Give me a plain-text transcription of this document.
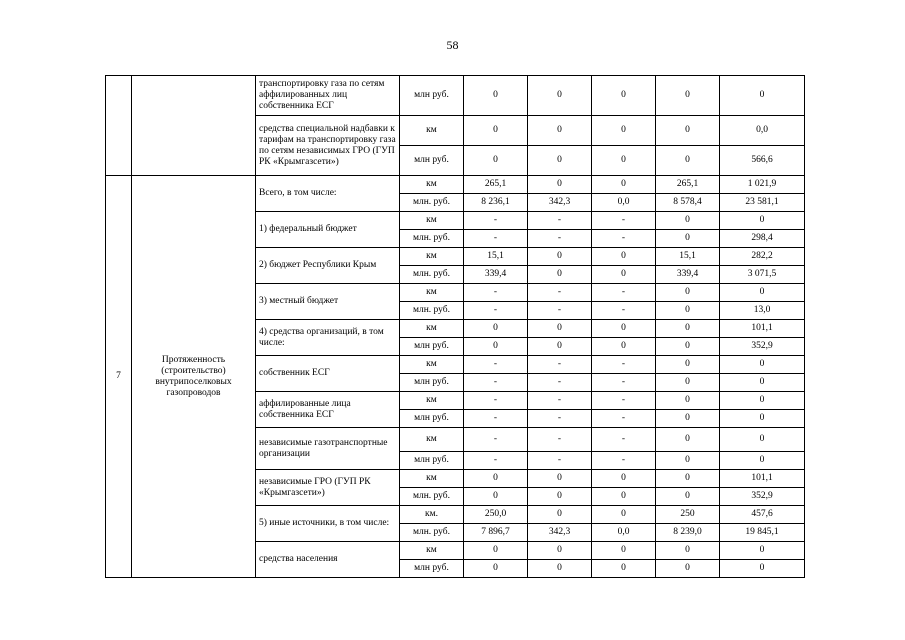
58
		транспортировку газа по сетям аффилированных лиц собственника ЕСГ	млн руб.	0	0	0	0	0
		средства специальной надбавки к тарифам на транспортировку газа по сетям независимых ГРО (ГУП РК «Крымгазсети»)	км	0	0	0	0	0,0
			млн руб.	0	0	0	0	566,6
7	Протяженность (строительство) внутрипоселковых газопроводов	Всего, в том числе:	км	265,1	0	0	265,1	1 021,9
			млн. руб.	8 236,1	342,3	0,0	8 578,4	23 581,1
		1) федеральный бюджет	км	-	-	-	0	0
			млн. руб.	-	-	-	0	298,4
		2) бюджет Республики Крым	км	15,1	0	0	15,1	282,2
			млн. руб.	339,4	0	0	339,4	3 071,5
		3) местный бюджет	км	-	-	-	0	0
			млн. руб.	-	-	-	0	13,0
		4) средства организаций, в том числе:	км	0	0	0	0	101,1
			млн руб.	0	0	0	0	352,9
		собственник ЕСГ	км	-	-	-	0	0
			млн руб.	-	-	-	0	0
		аффилированные лица собственника ЕСГ	км	-	-	-	0	0
			млн руб.	-	-	-	0	0
		независимые газотранспортные организации	км	-	-	-	0	0
			млн руб.	-	-	-	0	0
		независимые ГРО (ГУП РК «Крымгазсети»)	км	0	0	0	0	101,1
			млн. руб.	0	0	0	0	352,9
		5) иные источники, в том числе:	км.	250,0	0	0	250	457,6
			млн. руб.	7 896,7	342,3	0,0	8 239,0	19 845,1
		средства населения	км	0	0	0	0	0
			млн руб.	0	0	0	0	0
